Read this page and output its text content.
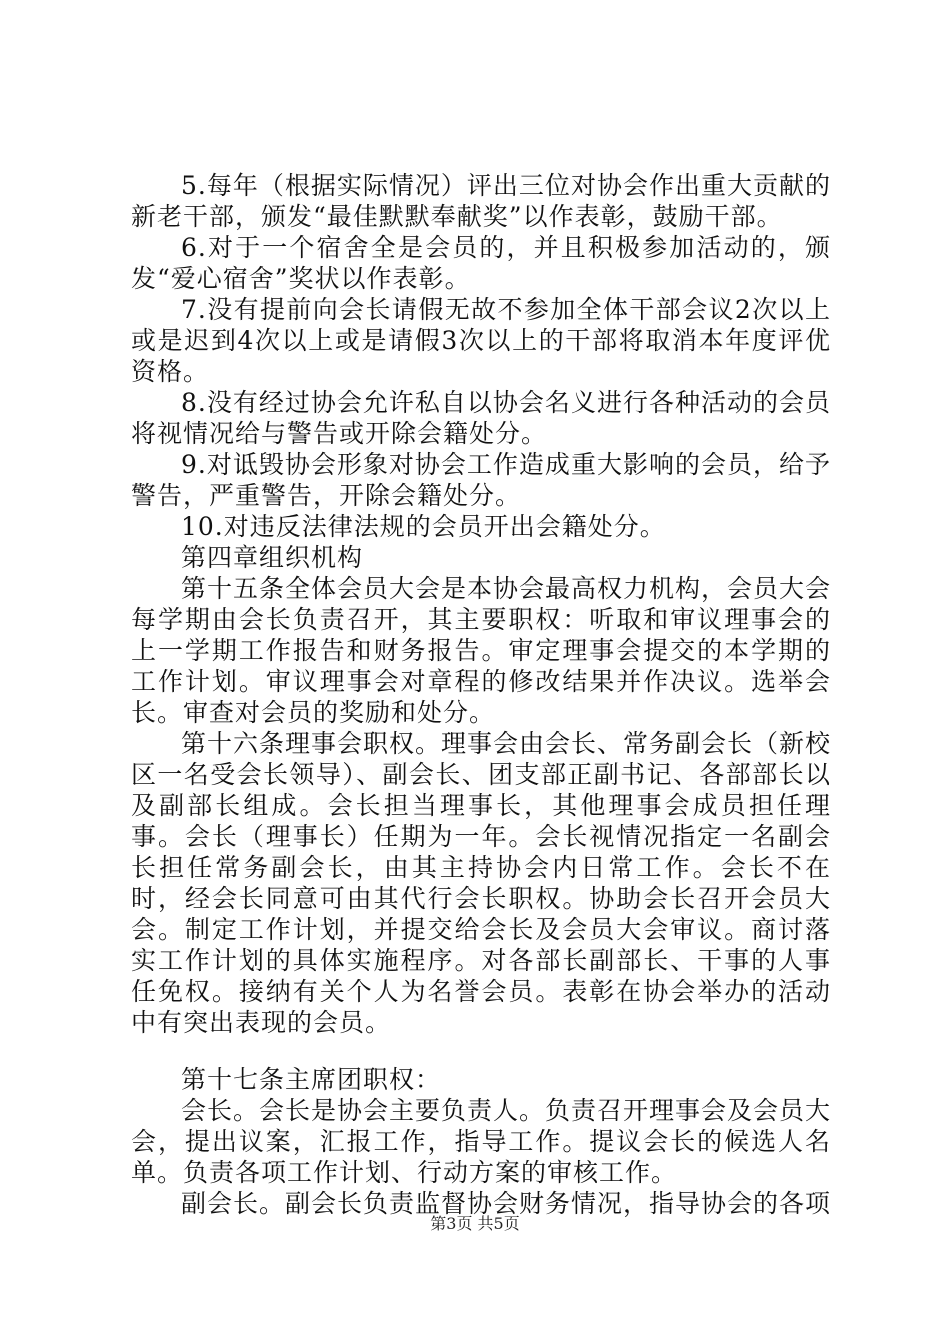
5.每年（根据实际情况）评出三位对协会作出重大贡献的新老干部，颁发“最佳默默奉献奖”以作表彰，鼓励干部。

6.对于一个宿舍全是会员的，并且积极参加活动的，颁发“爱心宿舍”奖状以作表彰。

7.没有提前向会长请假无故不参加全体干部会议2次以上或是迟到4次以上或是请假3次以上的干部将取消本年度评优资格。

8.没有经过协会允许私自以协会名义进行各种活动的会员将视情况给与警告或开除会籍处分。

9.对诋毁协会形象对协会工作造成重大影响的会员，给予警告，严重警告，开除会籍处分。

10.对违反法律法规的会员开出会籍处分。

第四章组织机构

第十五条全体会员大会是本协会最高权力机构，会员大会每学期由会长负责召开，其主要职权：听取和审议理事会的上一学期工作报告和财务报告。审定理事会提交的本学期的工作计划。审议理事会对章程的修改结果并作决议。选举会长。审查对会员的奖励和处分。

第十六条理事会职权。理事会由会长、常务副会长（新校区一名受会长领导）、副会长、团支部正副书记、各部部长以及副部长组成。会长担当理事长，其他理事会成员担任理事。会长（理事长）任期为一年。会长视情况指定一名副会长担任常务副会长，由其主持协会内日常工作。会长不在时，经会长同意可由其代行会长职权。协助会长召开会员大会。制定工作计划，并提交给会长及会员大会审议。商讨落实工作计划的具体实施程序。对各部长副部长、干事的人事任免权。接纳有关个人为名誉会员。表彰在协会举办的活动中有突出表现的会员。

第十七条主席团职权：

会长。会长是协会主要负责人。负责召开理事会及会员大会，提出议案，汇报工作，指导工作。提议会长的候选人名单。负责各项工作计划、行动方案的审核工作。

副会长。副会长负责监督协会财务情况，指导协会的各项

第3页 共5页
